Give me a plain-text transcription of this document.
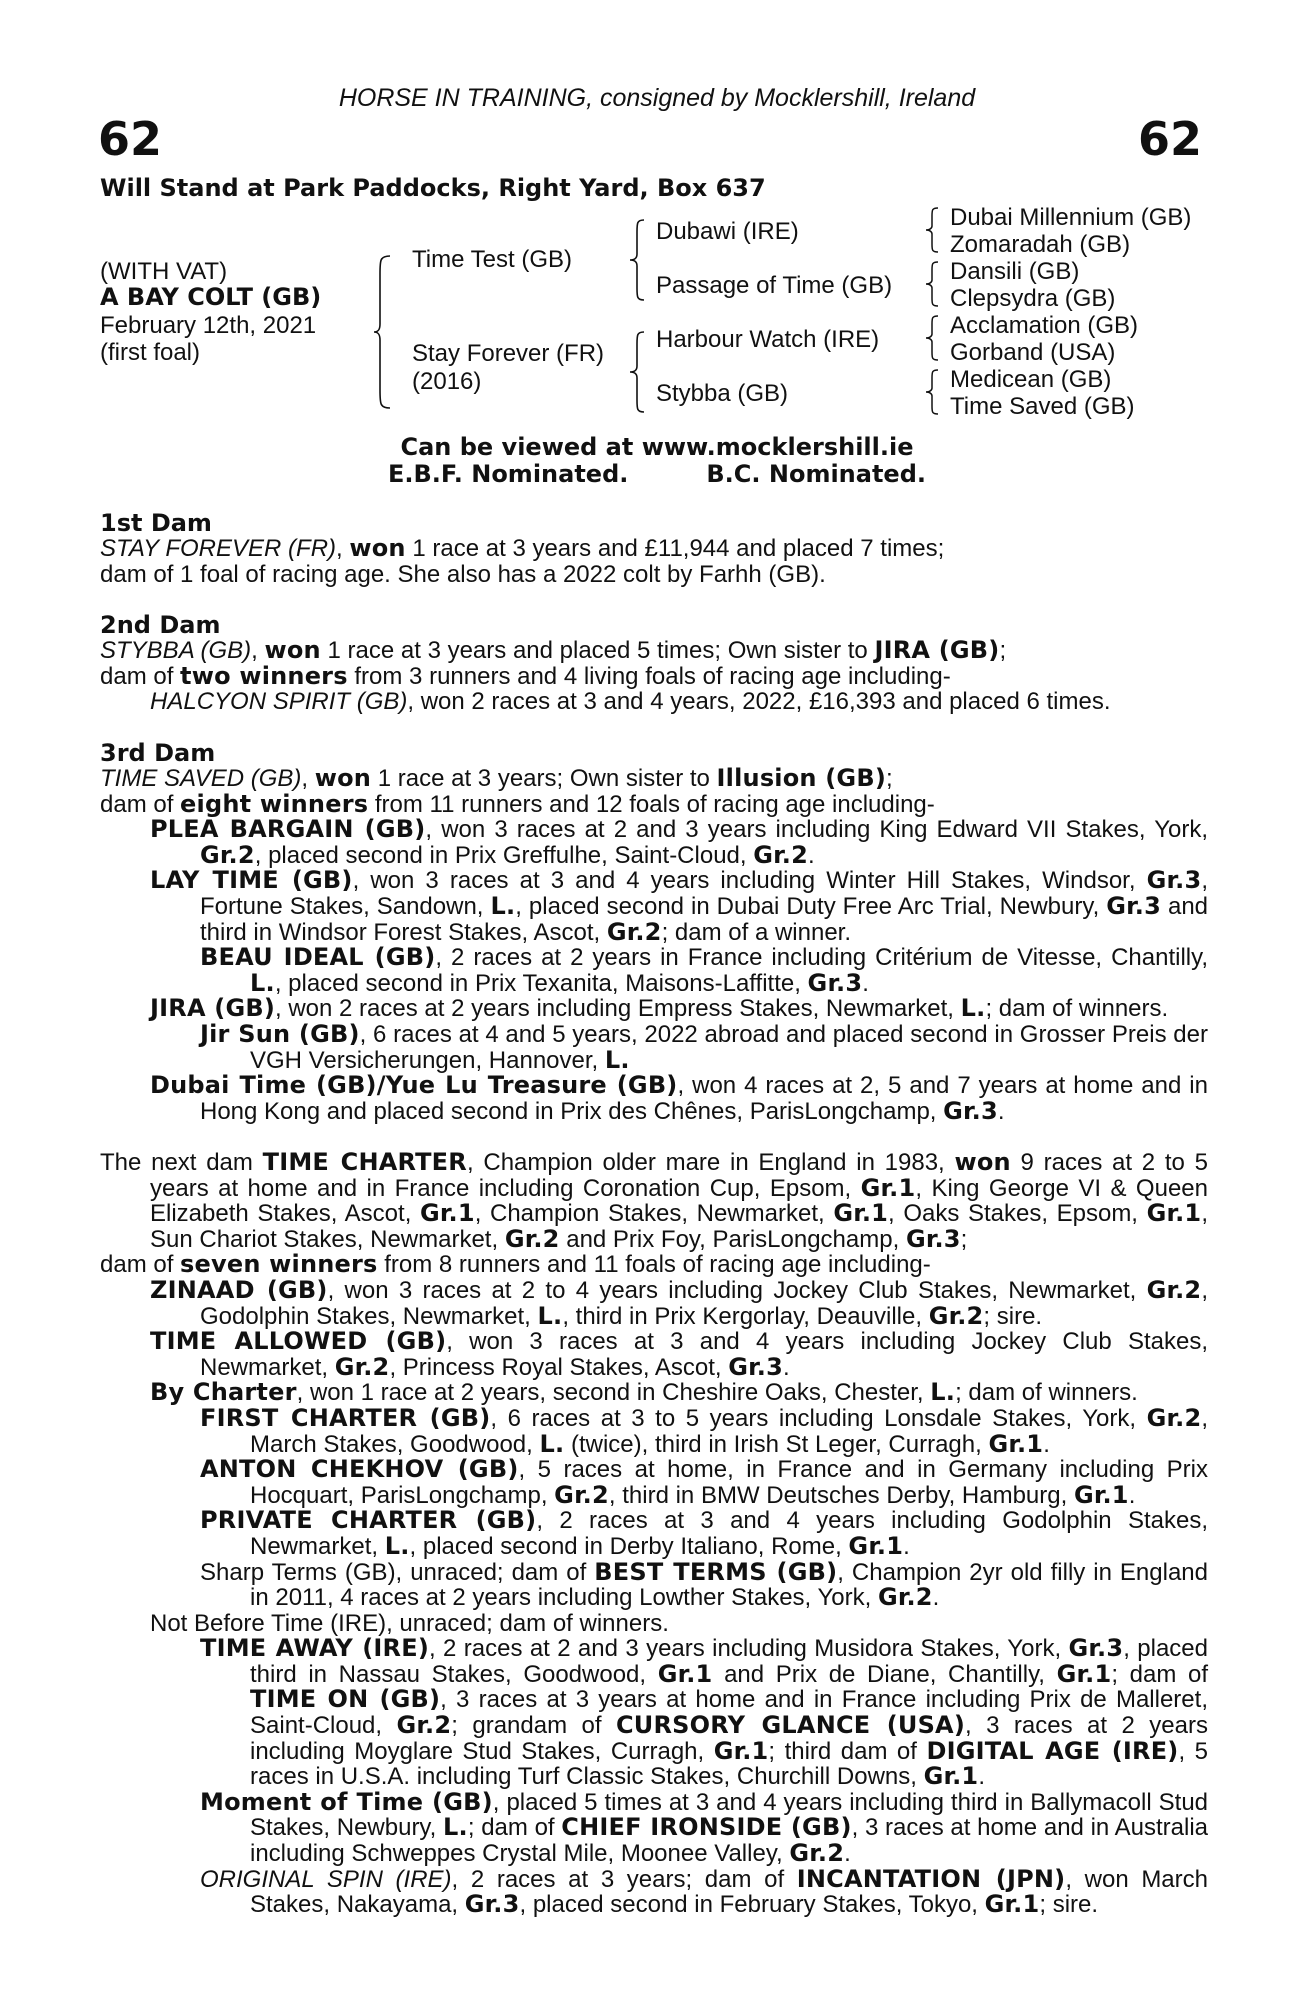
HORSE IN TRAINING, consigned by Mocklershill, Ireland
62	62
Will Stand at Park Paddocks, Right Yard, Box 637
(WITH VAT)
A BAY COLT (GB)
February 12th, 2021
(first foal)
Time Test (GB)
Stay Forever (FR)
(2016)
Dubawi (IRE)
Passage of Time (GB)
Harbour Watch (IRE)
Stybba (GB)
Dubai Millennium (GB)
Zomaradah (GB)
Dansili (GB)
Clepsydra (GB)
Acclamation (GB)
Gorband (USA)
Medicean (GB)
Time Saved (GB)
Can be viewed at www.mocklershill.ie
E.B.F. Nominated.	B.C. Nominated.
1st Dam

STAY FOREVER (FR), won 1 race at 3 years and £11,944 and placed 7 times;

dam of 1 foal of racing age. She also has a 2022 colt by Farhh (GB).

2nd Dam

STYBBA (GB), won 1 race at 3 years and placed 5 times; Own sister to JIRA (GB);

dam of two winners from 3 runners and 4 living foals of racing age including-

HALCYON SPIRIT (GB), won 2 races at 3 and 4 years, 2022, £16,393 and placed 6 times.

3rd Dam

TIME SAVED (GB), won 1 race at 3 years; Own sister to Illusion (GB);

dam of eight winners from 11 runners and 12 foals of racing age including-

PLEA BARGAIN (GB), won 3 races at 2 and 3 years including King Edward VII Stakes, York, Gr.2, placed second in Prix Greffulhe, Saint-Cloud, Gr.2.

LAY TIME (GB), won 3 races at 3 and 4 years including Winter Hill Stakes, Windsor, Gr.3, Fortune Stakes, Sandown, L., placed second in Dubai Duty Free Arc Trial, Newbury, Gr.3 and third in Windsor Forest Stakes, Ascot, Gr.2; dam of a winner.

BEAU IDEAL (GB), 2 races at 2 years in France including Critérium de Vitesse, Chantilly, L., placed second in Prix Texanita, Maisons-Laffitte, Gr.3.

JIRA (GB), won 2 races at 2 years including Empress Stakes, Newmarket, L.; dam of winners.

Jir Sun (GB), 6 races at 4 and 5 years, 2022 abroad and placed second in Grosser Preis der VGH Versicherungen, Hannover, L.

Dubai Time (GB)/Yue Lu Treasure (GB), won 4 races at 2, 5 and 7 years at home and in Hong Kong and placed second in Prix des Chênes, ParisLongchamp, Gr.3.

The next dam TIME CHARTER, Champion older mare in England in 1983, won 9 races at 2 to 5 years at home and in France including Coronation Cup, Epsom, Gr.1, King George VI & Queen Elizabeth Stakes, Ascot, Gr.1, Champion Stakes, Newmarket, Gr.1, Oaks Stakes, Epsom, Gr.1, Sun Chariot Stakes, Newmarket, Gr.2 and Prix Foy, ParisLongchamp, Gr.3;

dam of seven winners from 8 runners and 11 foals of racing age including-

ZINAAD (GB), won 3 races at 2 to 4 years including Jockey Club Stakes, Newmarket, Gr.2, Godolphin Stakes, Newmarket, L., third in Prix Kergorlay, Deauville, Gr.2; sire.

TIME ALLOWED (GB), won 3 races at 3 and 4 years including Jockey Club Stakes, Newmarket, Gr.2, Princess Royal Stakes, Ascot, Gr.3.

By Charter, won 1 race at 2 years, second in Cheshire Oaks, Chester, L.; dam of winners.

FIRST CHARTER (GB), 6 races at 3 to 5 years including Lonsdale Stakes, York, Gr.2, March Stakes, Goodwood, L. (twice), third in Irish St Leger, Curragh, Gr.1.

ANTON CHEKHOV (GB), 5 races at home, in France and in Germany including Prix Hocquart, ParisLongchamp, Gr.2, third in BMW Deutsches Derby, Hamburg, Gr.1.

PRIVATE CHARTER (GB), 2 races at 3 and 4 years including Godolphin Stakes, Newmarket, L., placed second in Derby Italiano, Rome, Gr.1.

Sharp Terms (GB), unraced; dam of BEST TERMS (GB), Champion 2yr old filly in England in 2011, 4 races at 2 years including Lowther Stakes, York, Gr.2.

Not Before Time (IRE), unraced; dam of winners.

TIME AWAY (IRE), 2 races at 2 and 3 years including Musidora Stakes, York, Gr.3, placed third in Nassau Stakes, Goodwood, Gr.1 and Prix de Diane, Chantilly, Gr.1; dam of TIME ON (GB), 3 races at 3 years at home and in France including Prix de Malleret, Saint-Cloud, Gr.2; grandam of CURSORY GLANCE (USA), 3 races at 2 years including Moyglare Stud Stakes, Curragh, Gr.1; third dam of DIGITAL AGE (IRE), 5 races in U.S.A. including Turf Classic Stakes, Churchill Downs, Gr.1.

Moment of Time (GB), placed 5 times at 3 and 4 years including third in Ballymacoll Stud Stakes, Newbury, L.; dam of CHIEF IRONSIDE (GB), 3 races at home and in Australia including Schweppes Crystal Mile, Moonee Valley, Gr.2.

ORIGINAL SPIN (IRE), 2 races at 3 years; dam of INCANTATION (JPN), won March Stakes, Nakayama, Gr.3, placed second in February Stakes, Tokyo, Gr.1; sire.
